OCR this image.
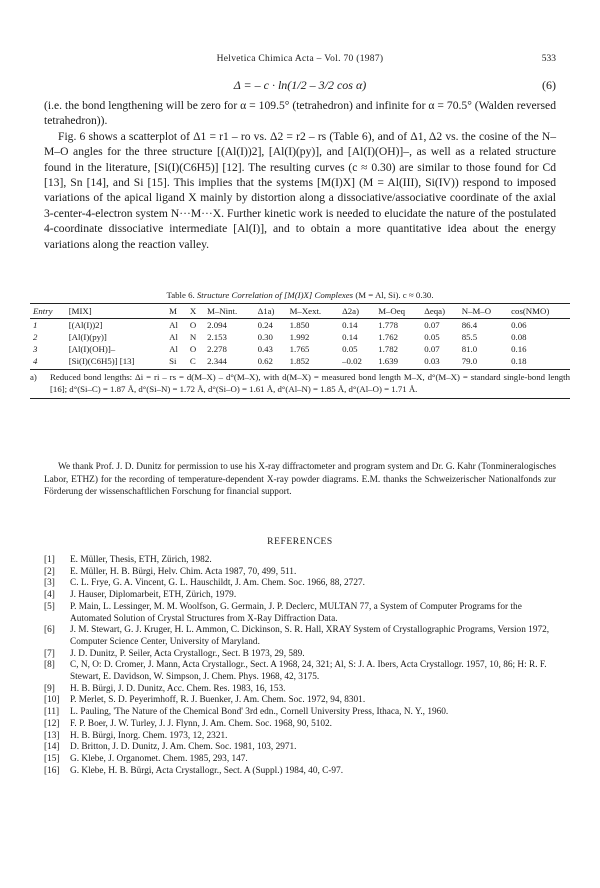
Helvetica Chimica Acta – Vol. 70 (1987)	533
Δ = – c · ln(1/2 – 3/2 cos α)	(6)

(i.e. the bond lengthening will be zero for α = 109.5° (tetrahedron) and infinite for α = 70.5° (Walden reversed tetrahedron)).

Fig. 6 shows a scatterplot of Δ1 = r1 – ro vs. Δ2 = r2 – rs (Table 6), and of Δ1, Δ2 vs. the cosine of the N–M–O angles for the three structure [(Al(I))2], [Al(I)(py)], and [Al(I)(OH)]–, as well as a related structure found in the literature, [Si(I)(C6H5)] [12]. The resulting curves (c ≈ 0.30) are similar to those found for Cd [13], Sn [14], and Si [15]. This implies that the systems [M(I)X] (M = Al(III), Si(IV)) respond to imposed variations of the apical ligand X mainly by distortion along a dissociative/associative coordinate of the axial 3-center-4-electron system N···M···X. Further kinetic work is needed to elucidate the nature of the postulated 4-coordinate dissociative intermediate [Al(I)], and to obtain a more quantitative idea about the energy variations along the reaction valley.

Table 6. Structure Correlation of [M(I)X] Complexes (M = Al, Si). c ≈ 0.30.
Entry	[MIX]	M	X	M–Nint.	Δ1a)	M–Xext.	Δ2a)	M–Oeq	Δeqa)	N–M–O	cos(NMO)
1	[(Al(I))2]	Al	O	2.094	0.24	1.850	0.14	1.778	0.07	86.4	0.06
2	[Al(I)(py)]	Al	N	2.153	0.30	1.992	0.14	1.762	0.05	85.5	0.08
3	[Al(I)(OH)]–	Al	O	2.278	0.43	1.765	0.05	1.782	0.07	81.0	0.16
4	[Si(I)(C6H5)] [13]	Si	C	2.344	0.62	1.852	–0.02	1.639	0.03	79.0	0.18
a)	Reduced bond lengths: Δi = ri – rs = d(M–X) – d°(M–X), with d(M–X) = measured bond length M–X, d°(M–X) = standard single-bond length [16]; d°(Si–C) = 1.87 Å, d°(Si–N) = 1.72 Å, d°(Si–O) = 1.61 Å, d°(Al–N) = 1.85 Å, d°(Al–O) = 1.71 Å.

We thank Prof. J. D. Dunitz for permission to use his X-ray diffractometer and program system and Dr. G. Kahr (Tonmineralogisches Labor, ETHZ) for the recording of temperature-dependent X-ray powder diagrams. E.M. thanks the Schweizerischer Nationalfonds zur Förderung der wissenschaftlichen Forschung for financial support.

REFERENCES
[1]	E. Müller, Thesis, ETH, Zürich, 1982.
[2]	E. Müller, H. B. Bürgi, Helv. Chim. Acta 1987, 70, 499, 511.
[3]	C. L. Frye, G. A. Vincent, G. L. Hauschildt, J. Am. Chem. Soc. 1966, 88, 2727.
[4]	J. Hauser, Diplomarbeit, ETH, Zürich, 1979.
[5]	P. Main, L. Lessinger, M. M. Woolfson, G. Germain, J. P. Declerc, MULTAN 77, a System of Computer Programs for the Automated Solution of Crystal Structures from X-Ray Diffraction Data.
[6]	J. M. Stewart, G. J. Kruger, H. L. Ammon, C. Dickinson, S. R. Hall, XRAY System of Crystallographic Programs, Version 1972, Computer Science Center, University of Maryland.
[7]	J. D. Dunitz, P. Seiler, Acta Crystallogr., Sect. B 1973, 29, 589.
[8]	C, N, O: D. Cromer, J. Mann, Acta Crystallogr., Sect. A 1968, 24, 321; Al, S: J. A. Ibers, Acta Crystallogr. 1957, 10, 86; H: R. F. Stewart, E. Davidson, W. Simpson, J. Chem. Phys. 1968, 42, 3175.
[9]	H. B. Bürgi, J. D. Dunitz, Acc. Chem. Res. 1983, 16, 153.
[10]	P. Merlet, S. D. Peyerimhoff, R. J. Buenker, J. Am. Chem. Soc. 1972, 94, 8301.
[11]	L. Pauling, 'The Nature of the Chemical Bond' 3rd edn., Cornell University Press, Ithaca, N. Y., 1960.
[12]	F. P. Boer, J. W. Turley, J. J. Flynn, J. Am. Chem. Soc. 1968, 90, 5102.
[13]	H. B. Bürgi, Inorg. Chem. 1973, 12, 2321.
[14]	D. Britton, J. D. Dunitz, J. Am. Chem. Soc. 1981, 103, 2971.
[15]	G. Klebe, J. Organomet. Chem. 1985, 293, 147.
[16]	G. Klebe, H. B. Bürgi, Acta Crystallogr., Sect. A (Suppl.) 1984, 40, C-97.
